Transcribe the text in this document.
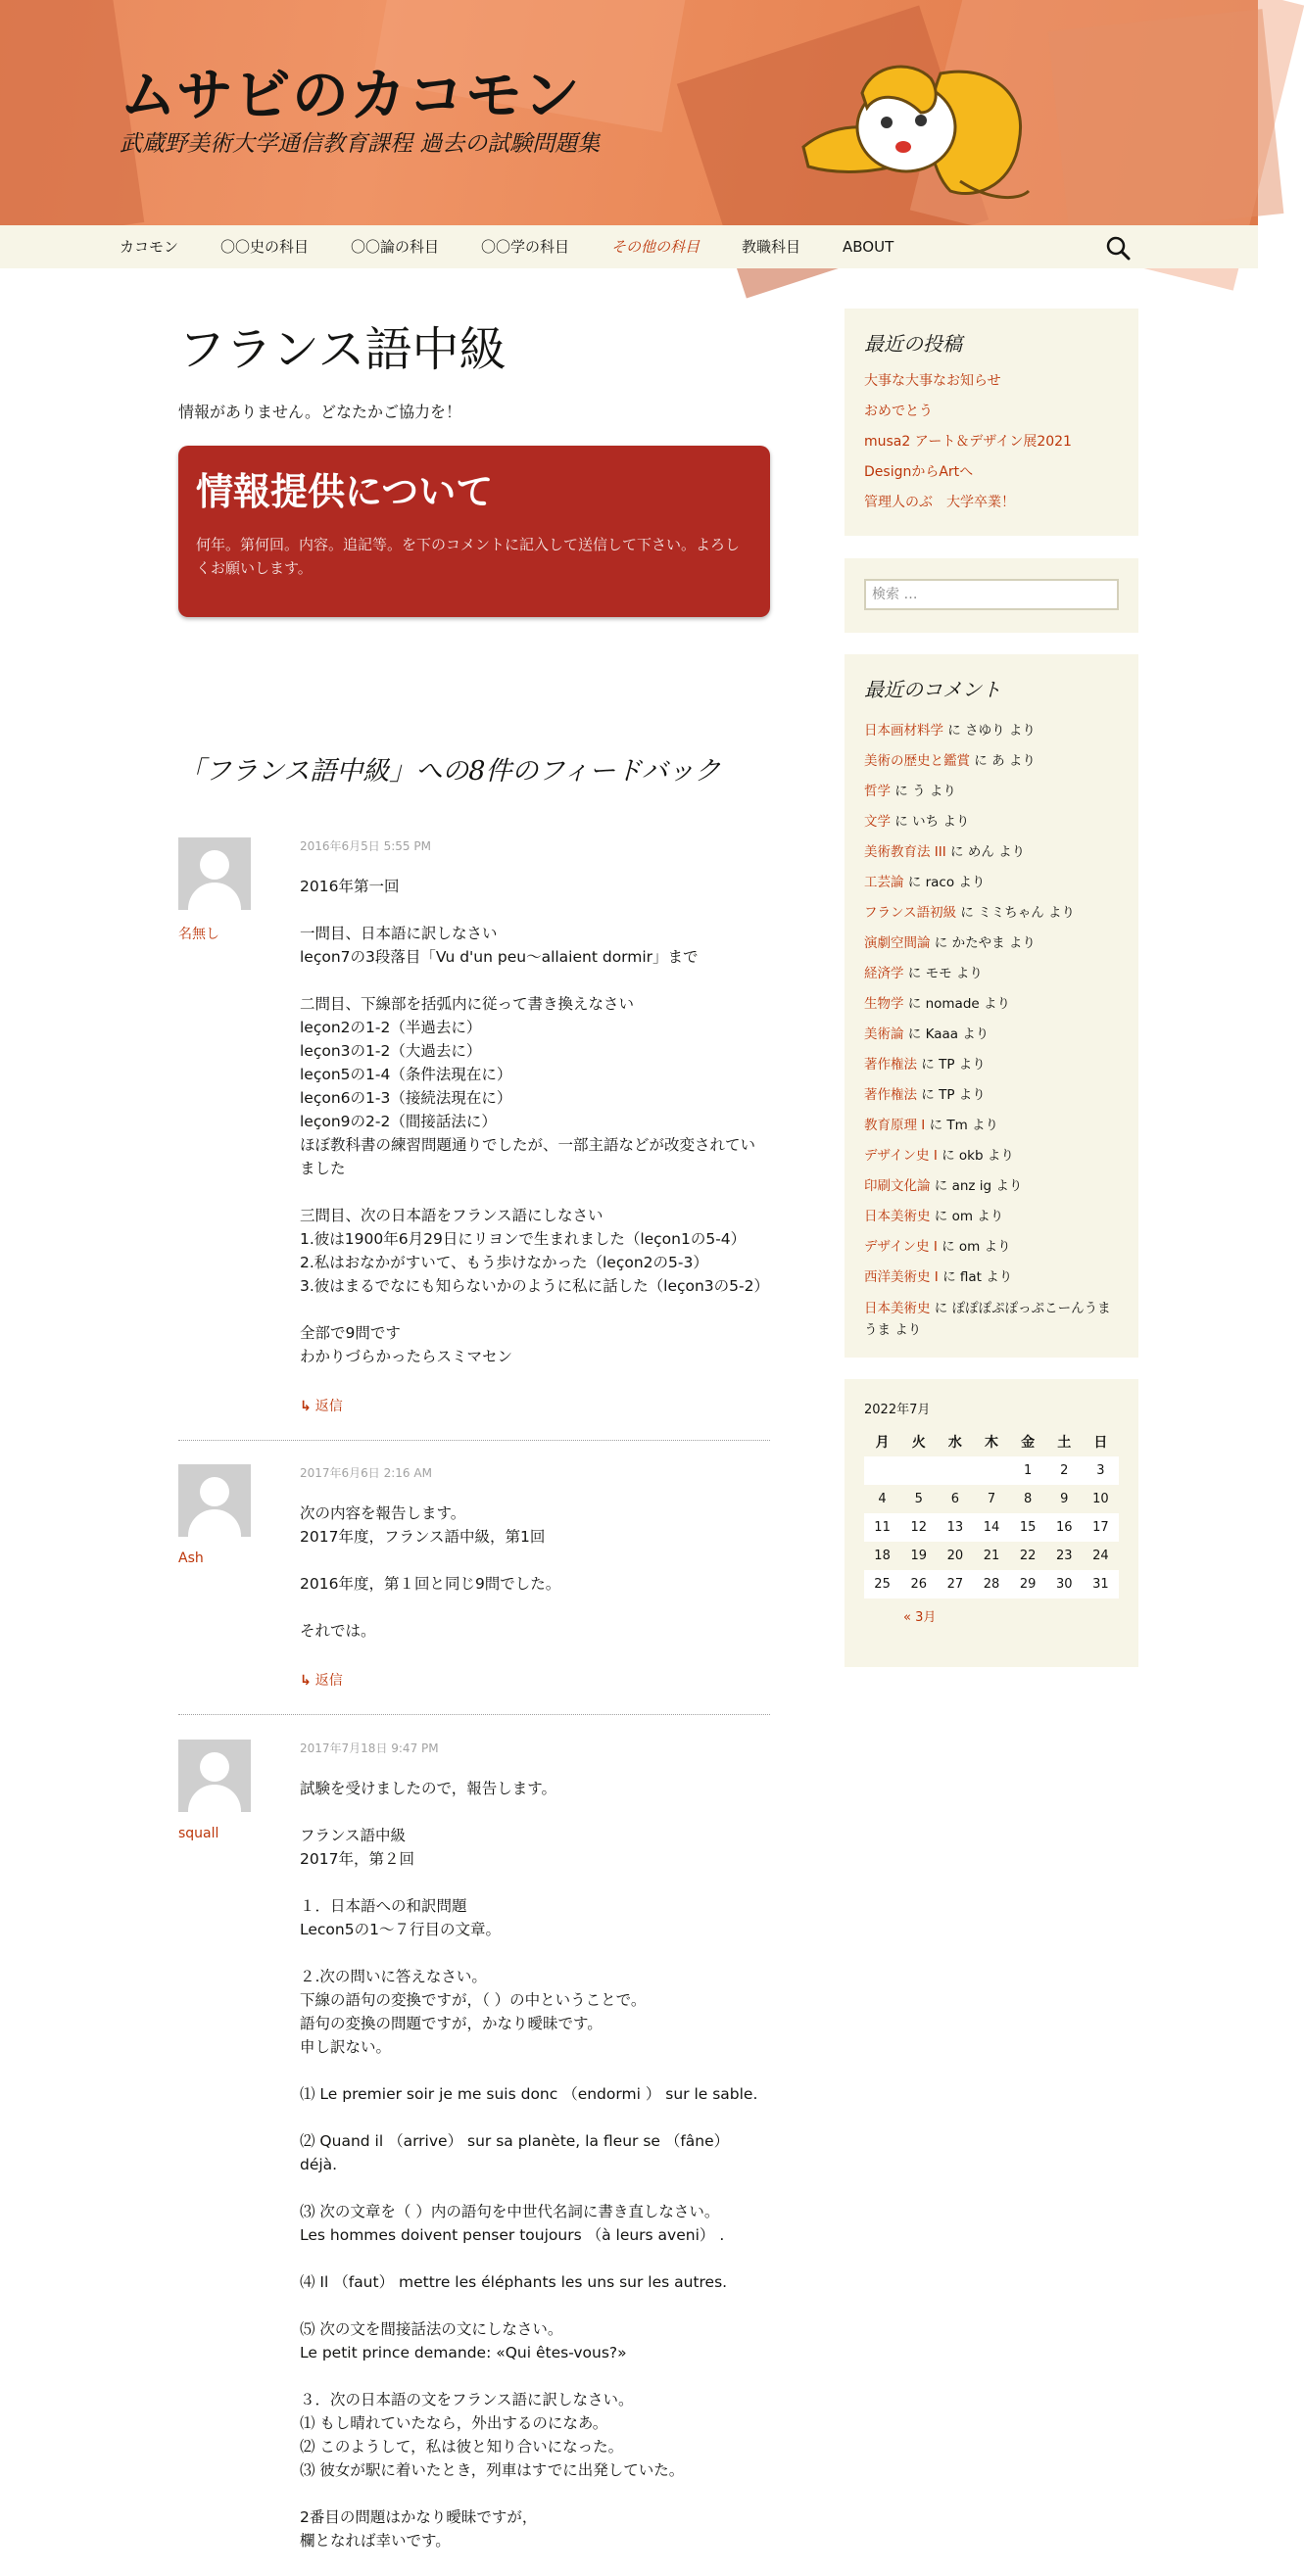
ムサビのカコモン
武蔵野美術大学通信教育課程 過去の試験問題集
カコモン	〇〇史の科目	〇〇論の科目	〇〇学の科目	その他の科目	教職科目	ABOUT
フランス語中級

情報がありません。どなたかご協力を！

情報提供について

何年。第何回。内容。追記等。を下のコメントに記入して送信して下さい。よろしくお願いします。

「フランス語中級」への8件のフィードバック
名無し
2016年6月5日 5:55 PM

2016年第一回

一問目、日本語に訳しなさい
leçon7の3段落目「Vu d'un peu〜allaient dormir」まで

二問目、下線部を括弧内に従って書き換えなさい
leçon2の1-2（半過去に）
leçon3の1-2（大過去に）
leçon5の1-4（条件法現在に）
leçon6の1-3（接続法現在に）
leçon9の2-2（間接話法に）
ほぼ教科書の練習問題通りでしたが、一部主語などが改変されていました

三問目、次の日本語をフランス語にしなさい
1.彼は1900年6月29日にリヨンで生まれました（leçon1の5-4）
2.私はおなかがすいて、もう歩けなかった（leçon2の5-3）
3.彼はまるでなにも知らないかのように私に話した（leçon3の5-2）

全部で9問です
わかりづらかったらスミマセン

↳ 返信
Ash
2017年6月6日 2:16 AM

次の内容を報告します。
2017年度，フランス語中級，第1回

2016年度，第１回と同じ9問でした。

それでは。

↳ 返信
squall
2017年7月18日 9:47 PM

試験を受けましたので，報告します。

フランス語中級
2017年，第２回

１．日本語への和訳問題
Lecon5の1〜７行目の文章。

２.次の問いに答えなさい。
下線の語句の変換ですが，（ ）の中ということで。
語句の変換の問題ですが，かなり曖昧です。
申し訳ない。

⑴ Le premier soir je me suis donc （endormi ） sur le sable.

⑵ Quand il （arrive） sur sa planète, la fleur se （fâne） déjà.

⑶ 次の文章を（ ）内の語句を中世代名詞に書き直しなさい。
Les hommes doivent penser toujours （à leurs aveni） .

⑷ Il （faut） mettre les éléphants les uns sur les autres.

⑸ 次の文を間接話法の文にしなさい。
Le petit prince demande: «Qui êtes-vous?»

３．次の日本語の文をフランス語に訳しなさい。
⑴ もし晴れていたなら，外出するのになあ。
⑵ このようして，私は彼と知り合いになった。
⑶ 彼女が駅に着いたとき，列車はすでに出発していた。

2番目の問題はかなり曖昧ですが，
欄となれば幸いです。

最近の投稿
大事な大事なお知らせ
おめでとう
musa2 アート＆デザイン展2021
DesignからArtへ
管理人のぶ　大学卒業！
検索 …
最近のコメント
日本画材料学 に さゆり より
美術の歴史と鑑賞 に あ より
哲学 に う より
文学 に いち より
美術教育法 III に めん より
工芸論 に raco より
フランス語初級 に ミミちゃん より
演劇空間論 に かたやま より
経済学 に モモ より
生物学 に nomade より
美術論 に Kaaa より
著作権法 に TP より
著作権法 に TP より
教育原理 I に Tm より
デザイン史 I に okb より
印刷文化論 に anz ig より
日本美術史 に om より
デザイン史 I に om より
西洋美術史 I に flat より
日本美術史 に ぽぽぽぷぽっぷこーんうまうま より
2022年7月
月	火	水	木	金	土	日
				1	2	3
4	5	6	7	8	9	10
11	12	13	14	15	16	17
18	19	20	21	22	23	24
25	26	27	28	29	30	31
« 3月
